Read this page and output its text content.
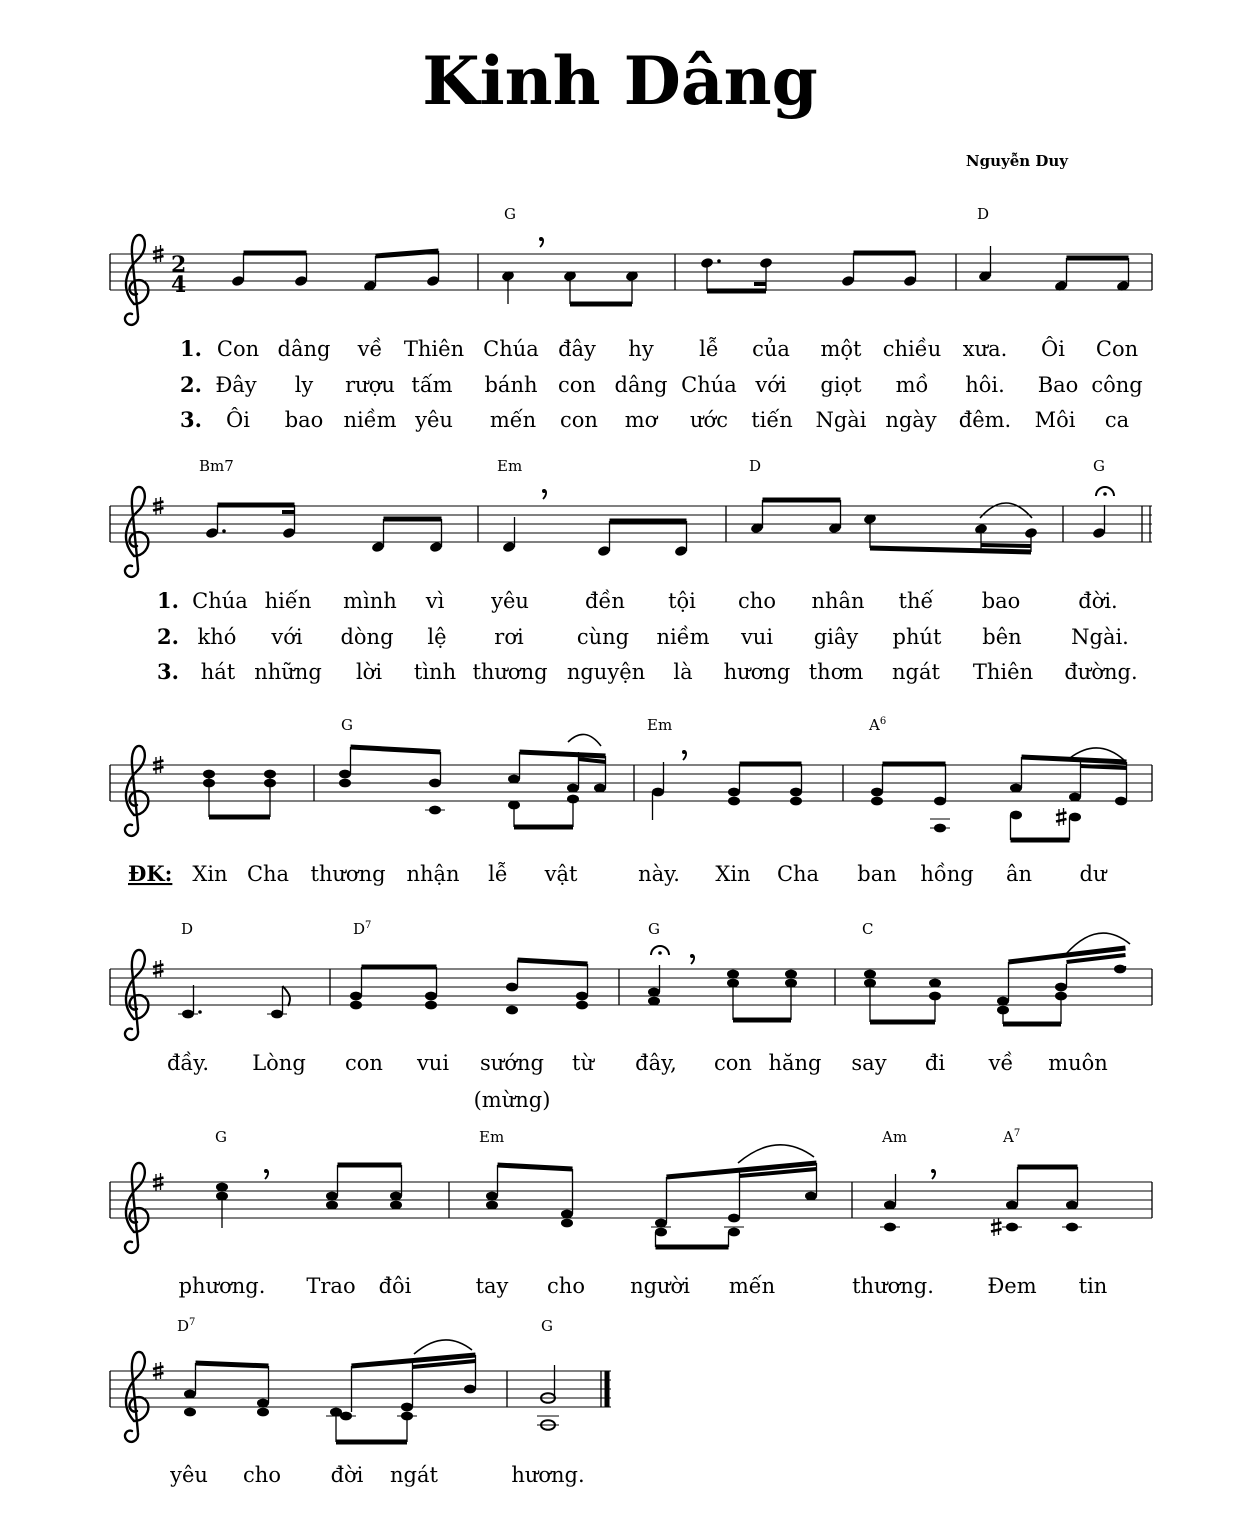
Kinh Dâng
Nguyễn Duy
2
4
G	D
1. Con dâng về Thiên Chúa đây hy lễ của một chiều xưa. Ôi Con
2. Đây ly rượu tấm bánh con dâng Chúa với giọt mồ hôi. Bao công
3. Ôi bao niềm yêu mến con mơ ước tiến Ngài ngày đêm. Môi ca
Bm7	Em	D	G
1. Chúa hiến mình vì yêu	đền tội cho nhân thế bao	đời.
2. khó với dòng lệ rơi	cùng niềm vui giây phút bên Ngài.
3. hát những lời tình thương nguyện là hương thơm ngát Thiên đường.
G	Em	$A^6$
ĐK: Xin Cha thương nhận lễ vật	này. Xin Cha ban hồng ân dư
D	$D^7$	G	C
đầy. Lòng con vui sướng từ đây, con hăng say đi về muôn
(mừng)
G	Em	Am	$A^7$
phương. Trao đôi	tay cho người mến	thương.	Đem tin
$D^7$	G
yêu cho đời ngát	hương.
